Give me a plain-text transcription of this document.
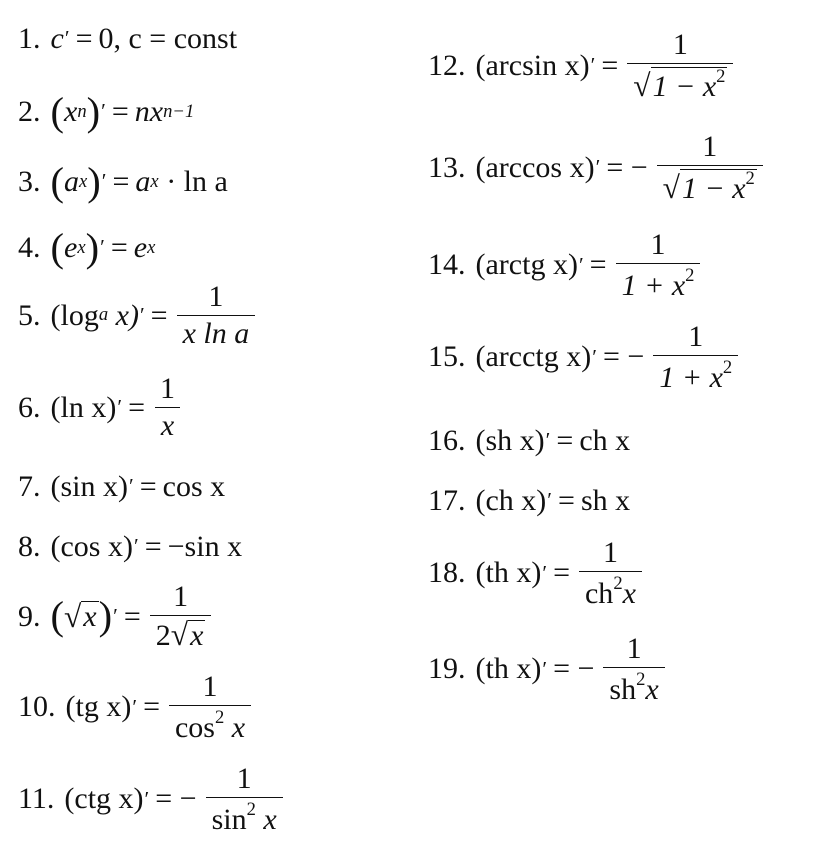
1. c ′ = 0, c = const
2. ( x n ) ′ = nx n−1
3. ( a x ) ′ = a x
· ln a
4. ( e x ) ′ = e x
5. (log a
x) ′ = $\frac{1}{\text{x ln a}}$
6. (ln x) ′ = $\frac{1}{x}$
7. (sin x) ′ = cos x
8. (cos x) ′ = −sin x
9. ( √ x ) ′ = $\frac{1}{2 √ x}$
10. (tg x) ′ = $\frac{1}{\cos^2 x}$
11. (ctg x) ′ = − $\frac{1}{\sin^2 x}$
12. (arcsin x) ′ = $\frac{1}{√ 1 - x^2}$
13. (arccos x) ′ = − $\frac{1}{√ 1 - x^2}$
14. (arctg x) ′ = $\frac{1}{1 + x^2}$
15. (arcctg x) ′ = − $\frac{1}{1 + x^2}$
16. (sh x) ′ = ch x
17. (ch x) ′ = sh x
18. (th x) ′ = $\frac{1}{ch^2x}$
19. (th x) ′ = − $\frac{1}{sh^2x}$
